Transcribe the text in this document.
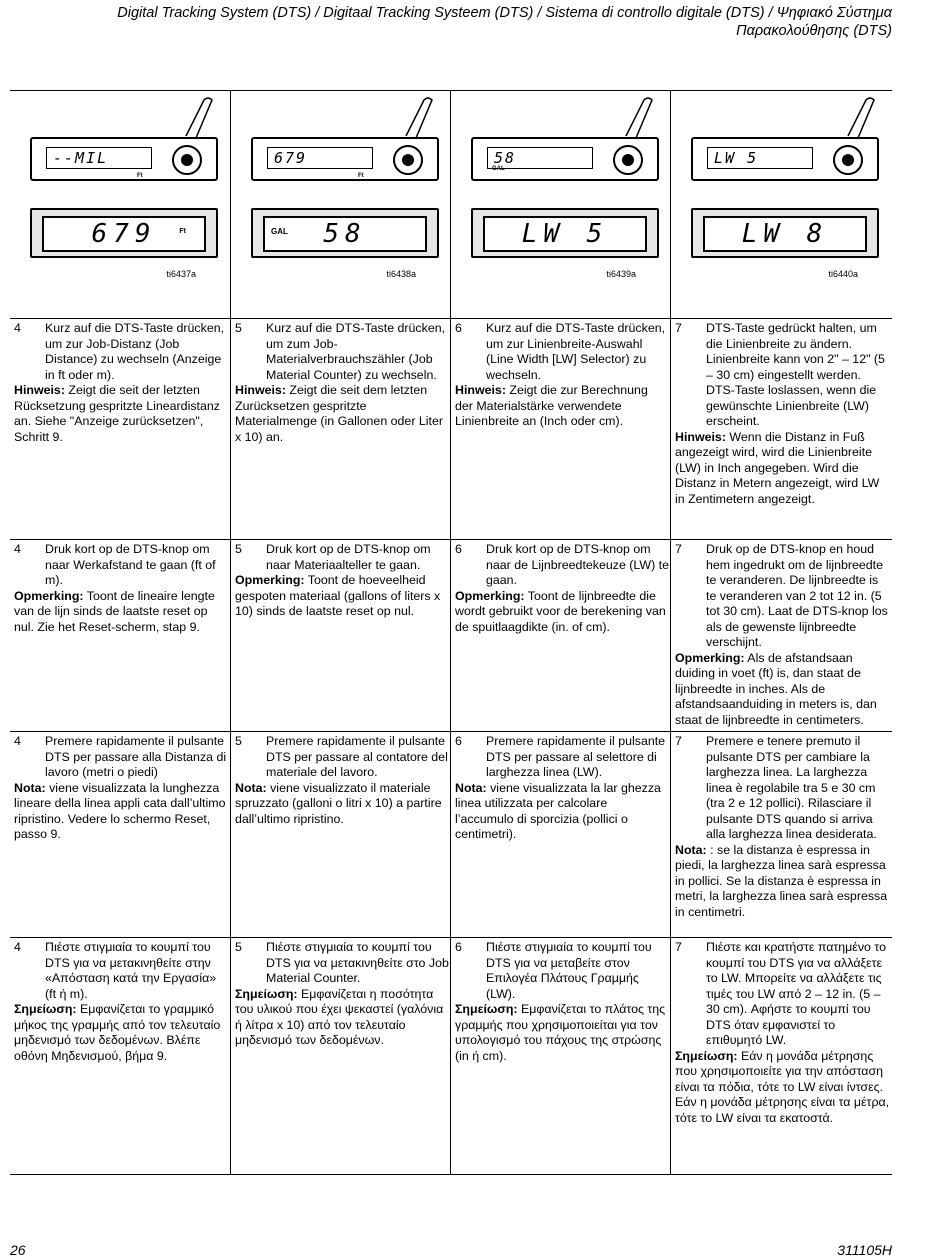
Digital Tracking System (DTS) / Digitaal Tracking Systeem (DTS) / Sistema di controllo digitale (DTS) / Ψηφιακό Σύστημα
Παρακολούθησης (DTS)
--MIL
Ft
679	Ft
ti6437a
679
Ft
58
GAL
ti6438a
58
GAL
LW 5
ti6439a
LW 5
LW 8
ti6440a
4	Kurz auf die DTS-Taste drücken, um zur Job-Distanz (Job Distance) zu wechseln (Anzeige in ft oder m).
Hinweis: Zeigt die seit der letzten Rücksetzung gespritzte Lineardistanz an. Siehe "Anzeige zurücksetzen", Schritt 9.
5	Kurz auf die DTS-Taste drücken, um zum Job-Materialverbrauchszähler (Job Material Counter) zu wechseln.
Hinweis: Zeigt die seit dem letzten Zurücksetzen gespritzte Materialmenge (in Gallonen oder Liter x 10) an.
6	Kurz auf die DTS-Taste drücken, um zur Linienbreite-Auswahl (Line Width [LW] Selector) zu wechseln.
Hinweis: Zeigt die zur Berechnung der Materialstärke verwendete Linienbreite an (Inch oder cm).
7	DTS-Taste gedrückt halten, um die Linienbreite zu ändern. Linienbreite kann von 2" – 12" (5 – 30 cm) eingestellt werden. DTS-Taste loslassen, wenn die gewünschte Linienbreite (LW) erscheint.
Hinweis: Wenn die Distanz in Fuß angezeigt wird, wird die Linienbreite (LW) in Inch angegeben. Wird die Distanz in Metern angezeigt, wird LW in Zentimetern angezeigt.
4	Druk kort op de DTS-knop om naar Werkafstand te gaan (ft of m).
Opmerking: Toont de lineaire lengte van de lijn sinds de laatste reset op nul. Zie het Reset-scherm, stap 9.
5	Druk kort op de DTS-knop om naar Materiaalteller te gaan.
Opmerking: Toont de hoeveelheid gespoten materiaal (gallons of liters x 10) sinds de laatste reset op nul.
6	Druk kort op de DTS-knop om naar de Lijnbreedtekeuze (LW) te gaan.
Opmerking: Toont de lijnbreedte die wordt gebruikt voor de berekening van de spuitlaagdikte (in. of cm).
7	Druk op de DTS-knop en houd hem ingedrukt om de lijnbreedte te veranderen. De lijnbreedte is te veranderen van 2 tot 12 in. (5 tot 30 cm). Laat de DTS-knop los als de gewenste lijnbreedte verschijnt.
Opmerking: Als de afstandsaan duiding in voet (ft) is, dan staat de lijnbreedte in inches. Als de afstandsaanduiding in meters is, dan staat de lijnbreedte in centimeters.
4	Premere rapidamente il pulsante DTS per passare alla Distanza di lavoro (metri o piedi)
Nota: viene visualizzata la lunghezza lineare della linea appli cata dall’ultimo ripristino. Vedere lo schermo Reset, passo 9.
5	Premere rapidamente il pulsante DTS per passare al contatore del materiale del lavoro.
Nota: viene visualizzato il materiale spruzzato (galloni o litri x 10) a partire dall’ultimo ripristino.
6	Premere rapidamente il pulsante DTS per passare al selettore di larghezza linea (LW).
Nota: viene visualizzata la lar ghezza linea utilizzata per calcolare l’accumulo di sporcizia (pollici o centimetri).
7	Premere e tenere premuto il pulsante DTS per cambiare la larghezza linea. La larghezza linea è regolabile tra 5 e 30 cm (tra 2 e 12 pollici). Rilasciare il pulsante DTS quando si arriva alla larghezza linea desiderata.
Nota: : se la distanza è espressa in piedi, la larghezza linea sarà espressa in pollici. Se la distanza è espressa in metri, la larghezza linea sarà espressa in centimetri.
4	Πιέστε στιγμιαία το κουμπί του DTS για να μετακινηθείτε στην «Απόσταση κατά την Εργασία» (ft ή m).
Σημείωση: Εμφανίζεται το γραμμικό μήκος της γραμμής από τον τελευταίο μηδενισμό των δεδομένων. Βλέπε οθόνη Μηδενισμού, βήμα 9.
5	Πιέστε στιγμιαία το κουμπί του DTS για να μετακινηθείτε στο Job Material Counter.
Σημείωση: Εμφανίζεται η ποσότητα του υλικού που έχει ψεκαστεί (γαλόνια ή λίτρα x 10) από τον τελευταίο μηδενισμό των δεδομένων.
6	Πιέστε στιγμιαία το κουμπί του DTS για να μεταβείτε στον Επιλογέα Πλάτους Γραμμής (LW).
Σημείωση: Εμφανίζεται το πλάτος της γραμμής που χρησιμοποιείται για τον υπολογισμό του πάχους της στρώσης (in ή cm).
7	Πιέστε και κρατήστε πατημένο το κουμπί του DTS για να αλλάξετε το LW. Μπορείτε να αλλάξετε τις τιμές του LW από 2 – 12 in. (5 – 30 cm). Αφήστε το κουμπί του DTS όταν εμφανιστεί το επιθυμητό LW.
Σημείωση: Εάν η μονάδα μέτρησης που χρησιμοποιείτε για την απόσταση είναι τα πόδια, τότε το LW είναι ίντσες. Εάν η μονάδα μέτρησης είναι τα μέτρα, τότε το LW είναι τα εκατοστά.
26	311105H
